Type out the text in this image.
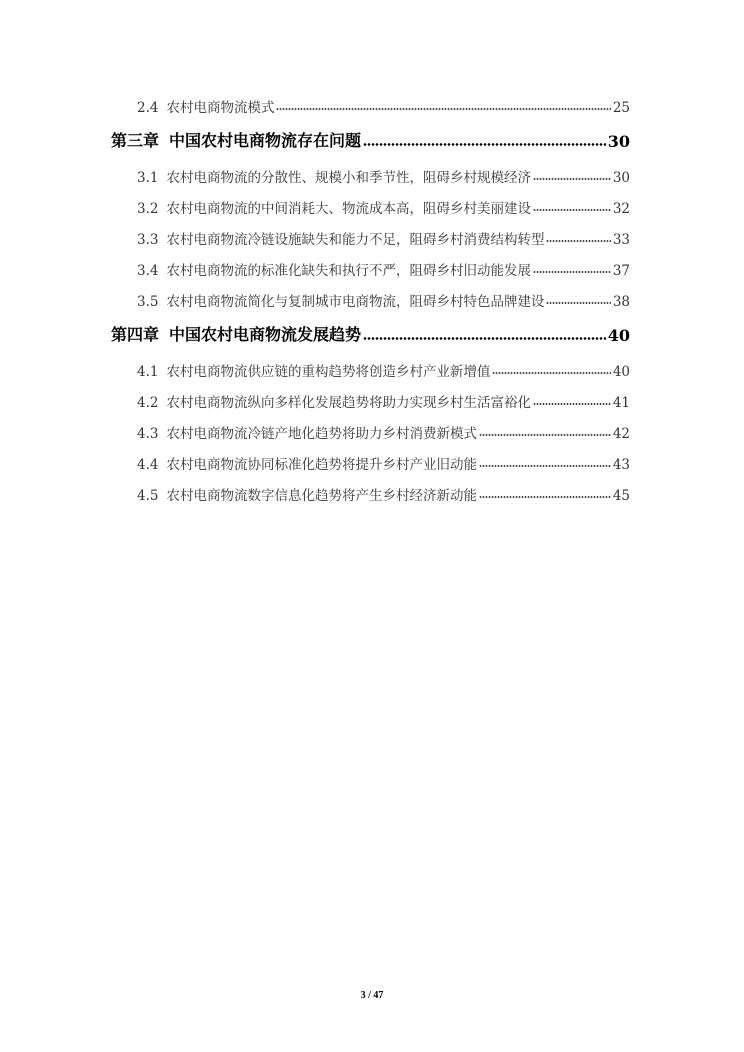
2.4 农村电商物流模式	25
第三章 中国农村电商物流存在问题	30
3.1 农村电商物流的分散性、规模小和季节性，阻碍乡村规模经济	30
3.2 农村电商物流的中间消耗大、物流成本高，阻碍乡村美丽建设	32
3.3 农村电商物流冷链设施缺失和能力不足，阻碍乡村消费结构转型	33
3.4 农村电商物流的标准化缺失和执行不严，阻碍乡村旧动能发展	37
3.5 农村电商物流简化与复制城市电商物流，阻碍乡村特色品牌建设	38
第四章 中国农村电商物流发展趋势	40
4.1 农村电商物流供应链的重构趋势将创造乡村产业新增值	40
4.2 农村电商物流纵向多样化发展趋势将助力实现乡村生活富裕化	41
4.3 农村电商物流冷链产地化趋势将助力乡村消费新模式	42
4.4 农村电商物流协同标准化趋势将提升乡村产业旧动能	43
4.5 农村电商物流数字信息化趋势将产生乡村经济新动能	45
3 / 47
